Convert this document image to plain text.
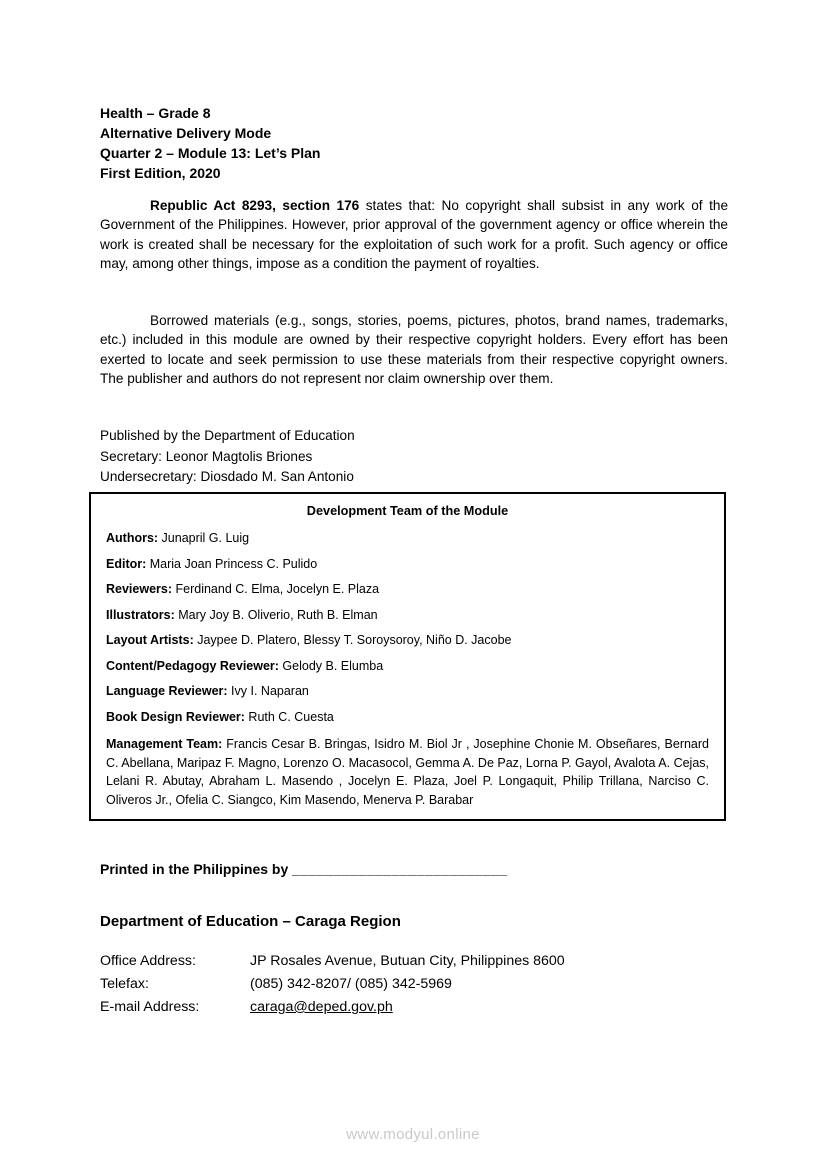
Health – Grade 8

Alternative Delivery Mode

Quarter 2 – Module 13: Let’s Plan

First Edition, 2020

Republic Act 8293, section 176 states that: No copyright shall subsist in any work of the Government of the Philippines. However, prior approval of the government agency or office wherein the work is created shall be necessary for the exploitation of such work for a profit. Such agency or office may, among other things, impose as a condition the payment of royalties.

Borrowed materials (e.g., songs, stories, poems, pictures, photos, brand names, trademarks, etc.) included in this module are owned by their respective copyright holders. Every effort has been exerted to locate and seek permission to use these materials from their respective copyright owners. The publisher and authors do not represent nor claim ownership over them.

Published by the Department of Education

Secretary: Leonor Magtolis Briones

Undersecretary: Diosdado M. San Antonio

Development Team of the Module

Authors: Junapril G. Luig

Editor: Maria Joan Princess C. Pulido

Reviewers: Ferdinand C. Elma, Jocelyn E. Plaza

Illustrators: Mary Joy B. Oliverio, Ruth B. Elman

Layout Artists: Jaypee D. Platero, Blessy T. Soroysoroy, Niño D. Jacobe

Content/Pedagogy Reviewer: Gelody B. Elumba

Language Reviewer: Ivy I. Naparan

Book Design Reviewer: Ruth C. Cuesta

Management Team: Francis Cesar B. Bringas, Isidro M. Biol Jr , Josephine Chonie M. Obseñares, Bernard C. Abellana, Maripaz F. Magno, Lorenzo O. Macasocol, Gemma A. De Paz, Lorna P. Gayol, Avalota A. Cejas, Lelani R. Abutay, Abraham L. Masendo , Jocelyn E. Plaza, Joel P. Longaquit, Philip Trillana, Narciso C. Oliveros Jr., Ofelia C. Siangco, Kim Masendo, Menerva P. Barabar

Printed in the Philippines by __________________________

Department of Education – Caraga Region

Office Address:	JP Rosales Avenue, Butuan City, Philippines 8600
Telefax:	(085) 342-8207/ (085) 342-5969
E-mail Address:	caraga@deped.gov.ph
www.modyul.online
